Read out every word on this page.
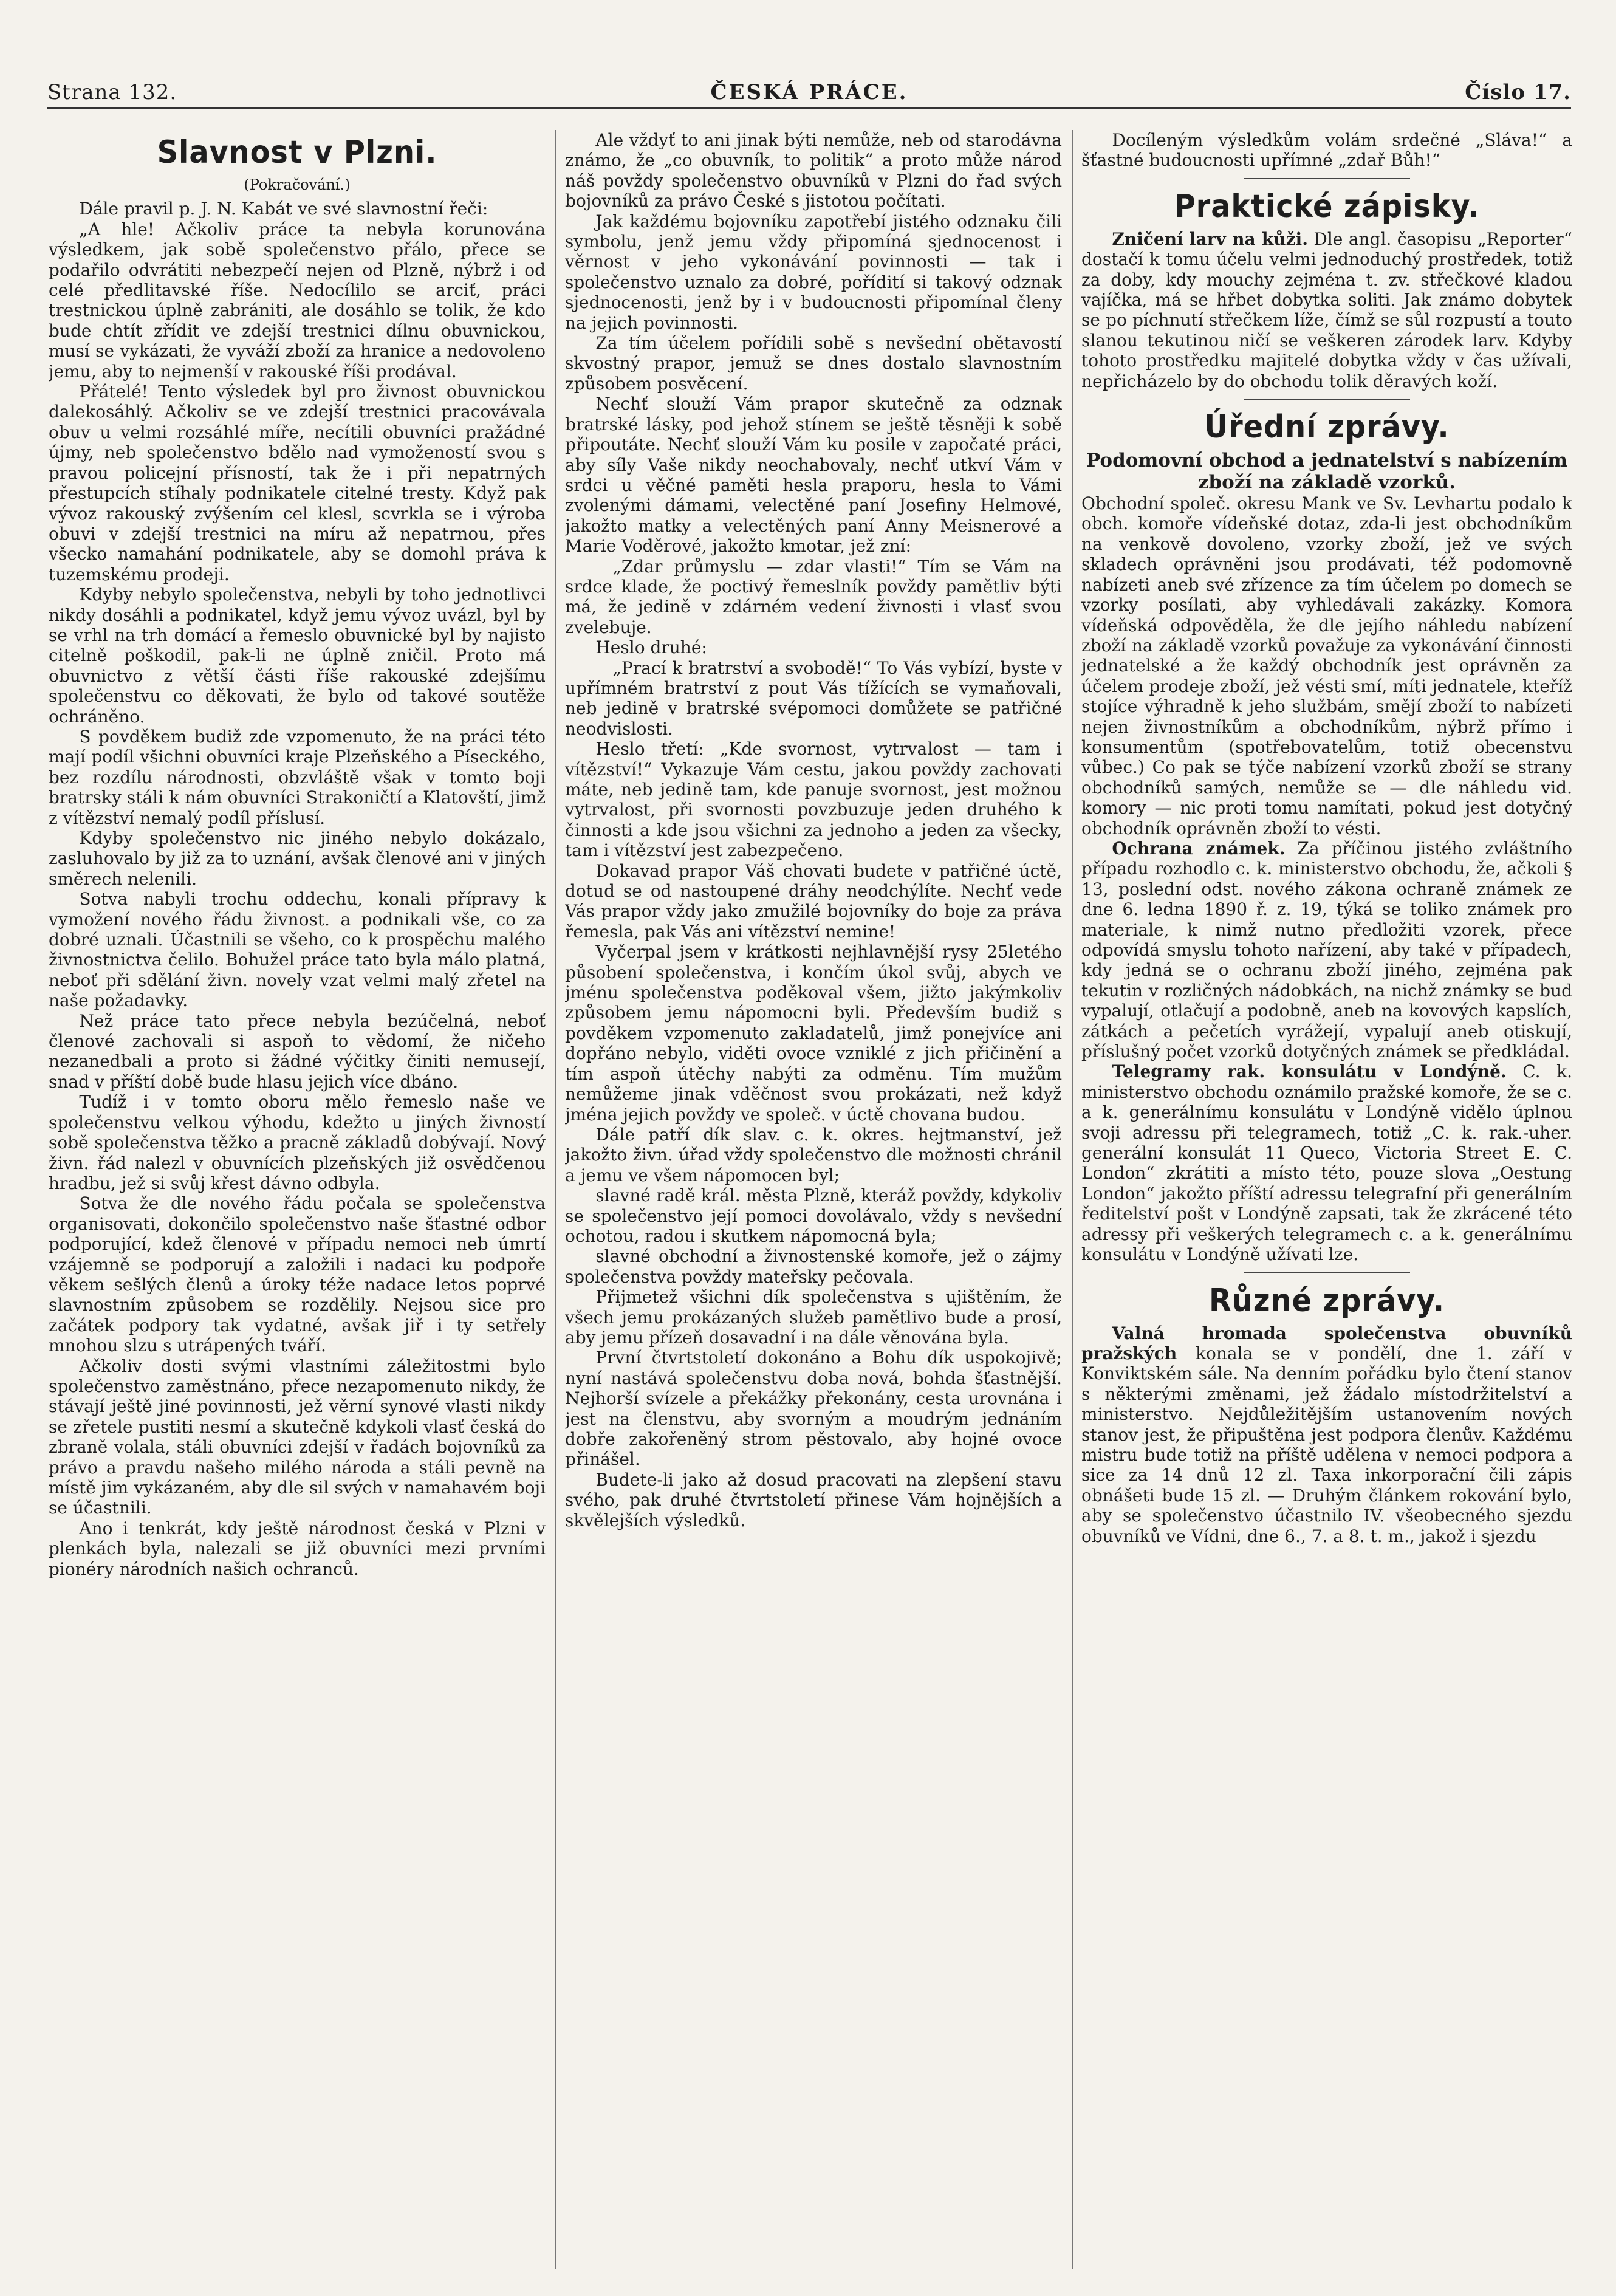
Strana 132.	ČESKÁ PRÁCE.	Číslo 17.
Slavnost v Plzni.
(Pokračování.)

Dále pravil p. J. N. Kabát ve své slavnostní řeči:

„A hle! Ačkoliv práce ta nebyla korunována výsledkem, jak sobě společenstvo přálo, přece se podařilo odvrátiti nebezpečí nejen od Plzně, nýbrž i od celé předlitavské říše. Nedocílilo se arciť, práci trestnickou úplně zabrániti, ale dosáhlo se tolik, že kdo bude chtít zřídit ve zdejší trestnici dílnu obuvnickou, musí se vykázati, že vyváží zboží za hranice a nedovoleno jemu, aby to nejmenší v rakouské říši prodával.

Přátelé! Tento výsledek byl pro živnost obuvnickou dalekosáhlý. Ačkoliv se ve zdejší trestnici pracovávala obuv u velmi rozsáhlé míře, necítili obuvníci pražádné újmy, neb společenstvo bdělo nad vymožeností svou s pravou policejní přísností, tak že i při nepatrných přestupcích stíhaly podnikatele citelné tresty. Když pak vývoz rakouský zvýšením cel klesl, scvrkla se i výroba obuvi v zdejší trestnici na míru až nepatrnou, přes všecko namahání podnikatele, aby se domohl práva k tuzemskému prodeji.

Kdyby nebylo společenstva, nebyli by toho jednotlivci nikdy dosáhli a podnikatel, když jemu vývoz uvázl, byl by se vrhl na trh domácí a řemeslo obuvnické byl by najisto citelně poškodil, pak-li ne úplně zničil. Proto má obuvnictvo z větší části říše rakouské zdejšímu společenstvu co děkovati, že bylo od takové soutěže ochráněno.

S povděkem budiž zde vzpomenuto, že na práci této mají podíl všichni obuvníci kraje Plzeňského a Píseckého, bez rozdílu národnosti, obzvláště však v tomto boji bratrsky stáli k nám obuvníci Strakoničtí a Klatovští, jimž z vítězství nemalý podíl příslusí.

Kdyby společenstvo nic jiného nebylo dokázalo, zasluhovalo by již za to uznání, avšak členové ani v jiných směrech nelenili.

Sotva nabyli trochu oddechu, konali přípravy k vymožení nového řádu živnost. a podnikali vše, co za dobré uznali. Účastnili se všeho, co k prospěchu malého živnostnictva čelilo. Bohužel práce tato byla málo platná, neboť při sdělání živn. novely vzat velmi malý zřetel na naše požadavky.

Než práce tato přece nebyla bezúčelná, neboť členové zachovali si aspoň to vědomí, že ničeho nezanedbali a proto si žádné výčitky činiti nemusejí, snad v příští době bude hlasu jejich více dbáno.

Tudíž i v tomto oboru mělo řemeslo naše ve společenstvu velkou výhodu, kdežto u jiných živností sobě společenstva těžko a pracně základů dobývají. Nový živn. řád nalezl v obuvnících plzeňských již osvědčenou hradbu, jež si svůj křest dávno odbyla.

Sotva že dle nového řádu počala se společenstva organisovati, dokončilo společenstvo naše šťastné odbor podporující, kdež členové v případu nemoci neb úmrtí vzájemně se podporují a založili i nadaci ku podpoře věkem sešlých členů a úroky téže nadace letos poprvé slavnostním způsobem se rozdělily. Nejsou sice pro začátek podpory tak vydatné, avšak jiř i ty setřely mnohou slzu s utrápených tváří.

Ačkoliv dosti svými vlastními záležitostmi bylo společenstvo zaměstnáno, přece nezapomenuto nikdy, že stávají ještě jiné povinnosti, jež věrní synové vlasti nikdy se zřetele pustiti nesmí a skutečně kdykoli vlasť česká do zbraně volala, stáli obuvníci zdejší v řadách bojovníků za právo a pravdu našeho milého národa a stáli pevně na místě jim vykázaném, aby dle sil svých v namahavém boji se účastnili.

Ano i tenkrát, kdy ještě národnost česká v Plzni v plenkách byla, nalezali se již obuvníci mezi prvními pionéry národních našich ochranců.

Ale vždyť to ani jinak býti nemůže, neb od starodávna známo, že „co obuvník, to politik“ a proto může národ náš povždy společenstvo obuvníků v Plzni do řad svých bojovníků za právo České s jistotou počítati.

Jak každému bojovníku zapotřebí jistého odznaku čili symbolu, jenž jemu vždy připomíná sjednocenost i věrnost v jeho vykonávání povinnosti — tak i společenstvo uznalo za dobré, pořídití si takový odznak sjednocenosti, jenž by i v budoucnosti připomínal členy na jejich povinnosti.

Za tím účelem pořídili sobě s nevšední obětavostí skvostný prapor, jemuž se dnes dostalo slavnostním způsobem posvěcení.

Nechť slouží Vám prapor skutečně za odznak bratrské lásky, pod jehož stínem se ještě těsněji k sobě připoutáte. Nechť slouží Vám ku posile v započaté práci, aby síly Vaše nikdy neochabovaly, nechť utkví Vám v srdci u věčné paměti hesla praporu, hesla to Vámi zvolenými dámami, velectěné paní Josefiny Helmové, jakožto matky a velectěných paní Anny Meisnerové a Marie Voděrové, jakožto kmotar, jež zní:

„Zdar průmyslu — zdar vlasti!“ Tím se Vám na srdce klade, že poctivý řemeslník povždy pamětliv býti má, že jedině v zdárném vedení živnosti i vlasť svou zvelebuje.

Heslo druhé:

„Prací k bratrství a svobodě!“ To Vás vybízí, byste v upřímném bratrství z pout Vás tížících se vymaňovali, neb jedině v bratrské svépomoci domůžete se patřičné neodvislosti.

Heslo třetí: „Kde svornost, vytrvalost — tam i vítězství!“ Vykazuje Vám cestu, jakou povždy zachovati máte, neb jedině tam, kde panuje svornost, jest možnou vytrvalost, při svornosti povzbuzuje jeden druhého k činnosti a kde jsou všichni za jednoho a jeden za všecky, tam i vítězství jest zabezpečeno.

Dokavad prapor Váš chovati budete v patřičné úctě, dotud se od nastoupené dráhy neodchýlíte. Nechť vede Vás prapor vždy jako zmužilé bojovníky do boje za práva řemesla, pak Vás ani vítězství nemine!

Vyčerpal jsem v krátkosti nejhlavnější rysy 25letého působení společenstva, i končím úkol svůj, abych ve jménu společenstva poděkoval všem, jižto jakýmkoliv způsobem jemu nápomocni byli. Především budiž s povděkem vzpomenuto zakladatelů, jimž ponejvíce ani dopřáno nebylo, viděti ovoce vzniklé z jich přičinění a tím aspoň útěchy nabýti za odměnu. Tím mužům nemůžeme jinak vděčnost svou prokázati, než když jména jejich povždy ve společ. v úctě chovana budou.

Dále patří dík slav. c. k. okres. hejtmanství, jež jakožto živn. úřad vždy společenstvo dle možnosti chránil a jemu ve všem nápomocen byl;

slavné radě král. města Plzně, kteráž povždy, kdykoliv se společenstvo její pomoci dovolávalo, vždy s nevšední ochotou, radou i skutkem nápomocná byla;

slavné obchodní a živnostenské komoře, jež o zájmy společenstva povždy mateřsky pečovala.

Přijmetež všichni dík společenstva s ujištěním, že všech jemu prokázaných služeb pamětlivo bude a prosí, aby jemu přízeň dosavadní i na dále věnována byla.

První čtvrtstoletí dokonáno a Bohu dík uspokojivě; nyní nastává společenstvu doba nová, bohda šťastnější. Nejhorší svízele a překážky překonány, cesta urovnána i jest na členstvu, aby svorným a moudrým jednáním dobře zakořeněný strom pěstovalo, aby hojné ovoce přinášel.

Budete-li jako až dosud pracovati na zlepšení stavu svého, pak druhé čtvrtstoletí přinese Vám hojnějších a skvělejších výsledků.

Docíleným výsledkům volám srdečné „Sláva!“ a šťastné budoucnosti upřímné „zdař Bůh!“

Praktické zápisky.

Zničení larv na kůži. Dle angl. časopisu „Reporter“ dostačí k tomu účelu velmi jednoduchý prostředek, totiž za doby, kdy mouchy zejména t. zv. střečkové kladou vajíčka, má se hřbet dobytka soliti. Jak známo dobytek se po píchnutí střečkem líže, čímž se sůl rozpustí a touto slanou tekutinou ničí se veškeren zárodek larv. Kdyby tohoto prostředku majitelé dobytka vždy v čas užívali, nepřicházelo by do obchodu tolik děravých koží.

Úřední zprávy.
Podomovní obchod a jednatelství s nabízením zboží na základě vzorků.

Obchodní společ. okresu Mank ve Sv. Levhartu podalo k obch. komoře vídeňské dotaz, zda-li jest obchodníkům na venkově dovoleno, vzorky zboží, jež ve svých skladech oprávněni jsou prodávati, též podomovně nabízeti aneb své zřízence za tím účelem po domech se vzorky posílati, aby vyhledávali zakázky. Komora vídeňská odpověděla, že dle jejího náhledu nabízení zboží na základě vzorků považuje za vykonávání činnosti jednatelské a že každý obchodník jest oprávněn za účelem prodeje zboží, jež vésti smí, míti jednatele, kteříž stojíce výhradně k jeho službám, smějí zboží to nabízeti nejen živnostníkům a obchodníkům, nýbrž přímo i konsumentům (spotřebovatelům, totiž obecenstvu vůbec.) Co pak se týče nabízení vzorků zboží se strany obchodníků samých, nemůže se — dle náhledu vid. komory — nic proti tomu namítati, pokud jest dotyčný obchodník oprávněn zboží to vésti.

Ochrana známek. Za příčinou jistého zvláštního případu rozhodlo c. k. ministerstvo obchodu, že, ačkoli § 13, poslední odst. nového zákona ochraně známek ze dne 6. ledna 1890 ř. z. 19, týká se toliko známek pro materiale, k nimž nutno předložiti vzorek, přece odpovídá smyslu tohoto nařízení, aby také v případech, kdy jedná se o ochranu zboží jiného, zejména pak tekutin v rozličných nádobkách, na nichž známky se buď vypalují, otlačují a podobně, aneb na kovových kapslích, zátkách a pečetích vyrážejí, vypalují aneb otiskují, příslušný počet vzorků dotyčných známek se předkládal.

Telegramy rak. konsulátu v Londýně. C. k. ministerstvo obchodu oznámilo pražské komoře, že se c. a k. generálnímu konsulátu v Londýně vidělo úplnou svoji adressu při telegramech, totiž „C. k. rak.-uher. generální konsulát 11 Queco, Victoria Street E. C. London“ zkrátiti a místo této, pouze slova „Oestung London“ jakožto příští adressu telegrafní při generálním ředitelství pošt v Londýně zapsati, tak že zkrácené této adressy při veškerých telegramech c. a k. generálnímu konsulátu v Londýně užívati lze.

Různé zprávy.

Valná hromada společenstva obuvníků pražských konala se v pondělí, dne 1. září v Konviktském sále. Na denním pořádku bylo čtení stanov s některými změnami, jež žádalo místodržitelství a ministerstvo. Nejdůležitějším ustanovením nových stanov jest, že připuštěna jest podpora členův. Každému mistru bude totiž na příště udělena v nemoci podpora a sice za 14 dnů 12 zl. Taxa inkorporační čili zápis obnášeti bude 15 zl. — Druhým článkem rokování bylo, aby se společenstvo účastnilo IV. všeobecného sjezdu obuvníků ve Vídni, dne 6., 7. a 8. t. m., jakož i sjezdu
